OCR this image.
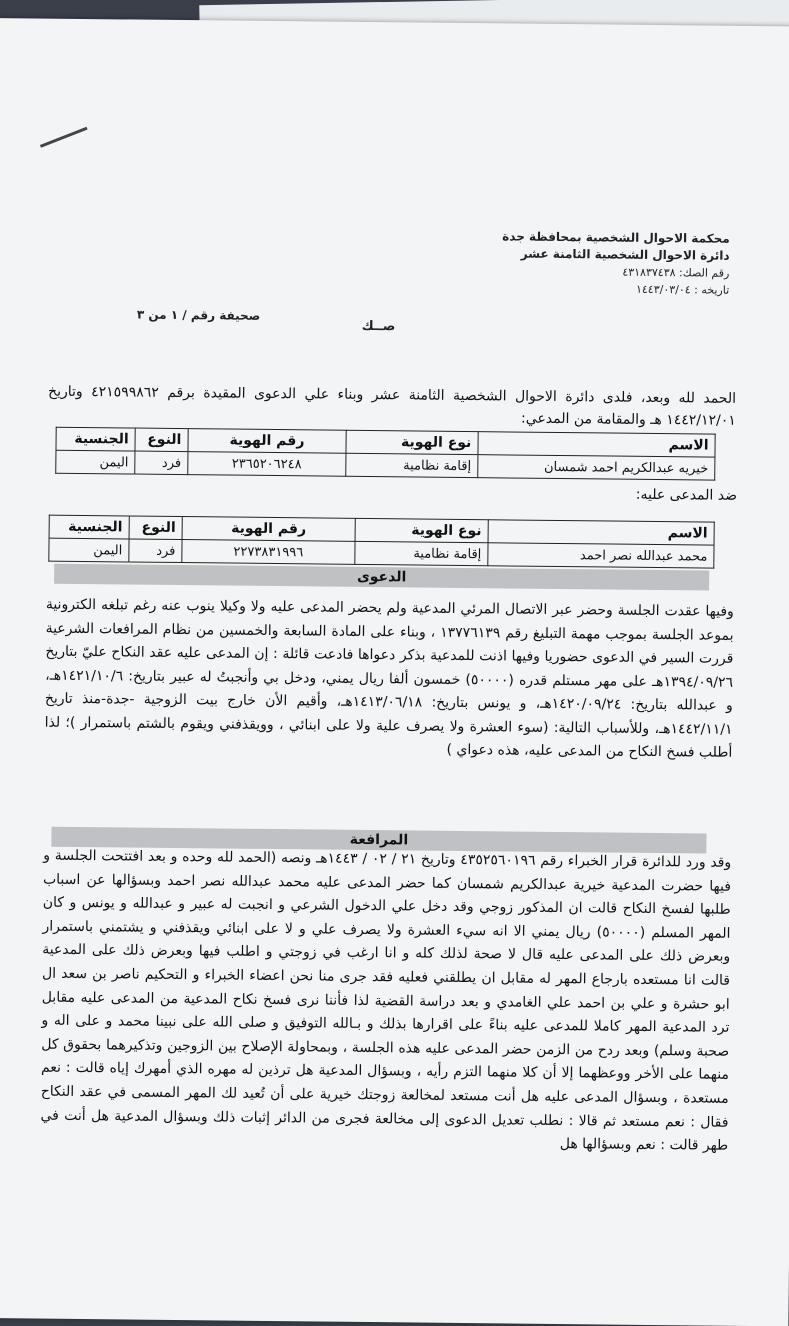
محكمة الاحوال الشخصية بمحافظة جدة
دائرة الاحوال الشخصية الثامنة عشر
رقم الصك: ٤٣١٨٣٧٤٣٨
تاريخه : ١٤٤٣/٠٣/٠٤
صحيفة رقم / ١ من ٣
صــك
الحمد لله وبعد، فلدى دائرة الاحوال الشخصية الثامنة عشر وبناء علي الدعوى المقيدة برقم ٤٢١٥٩٩٨٦٢ وتاريخ ١٤٤٢/١٢/٠١ هـ والمقامة من المدعي:
الاسم	نوع الهوية	رقم الهوية	النوع	الجنسية
خيريه عبدالكريم احمد شمسان	إقامة نظامية	٢٣٦٥٢٠٦٢٤٨	فرد	اليمن
ضد المدعى عليه:
الاسم	نوع الهوية	رقم الهوية	النوع	الجنسية
محمد عبدالله نصر احمد	إقامة نظامية	٢٢٧٣٨٣١٩٩٦	فرد	اليمن
الدعوى
وفيها عقدت الجلسة وحضر عبر الاتصال المرئي المدعية ولم يحضر المدعى عليه ولا وكيلا ينوب عنه رغم تبلغه الكترونية بموعد الجلسة بموجب مهمة التبليغ رقم ١٣٧٧٦١٣٩ ، وبناء على المادة السابعة والخمسين من نظام المرافعات الشرعية قررت السير في الدعوى حضوريا وفيها اذنت للمدعية بذكر دعواها فادعت قائلة : إن المدعى عليه عقد النكاح عليّ بتاريخ ١٣٩٤/٠٩/٢٦هـ على مهر مستلم قدره (٥٠٠٠٠) خمسون ألفا ريال يمني، ودخل بي وأنجبتُ له عبير بتاريخ: ١٤٢١/١٠/٦هـ، و عبدالله بتاريخ: ١٤٢٠/٠٩/٢٤هـ، و يونس بتاريخ: ١٤١٣/٠٦/١٨هـ، وأقيم الأن خارج بيت الزوجية -جدة-منذ تاريخ ١٤٤٢/١١/١هـ، وللأسباب التالية: (سوء العشرة ولا يصرف علية ولا على ابنائي ، وويقذفني ويقوم بالشتم باستمرار )؛ لذا أطلب فسخ النكاح من المدعى عليه، هذه دعواي )
المرافعة
وقد ورد للدائرة قرار الخبراء رقم ٤٣٥٢٥٦٠١٩٦ وتاريخ ٢١ / ٠٢ / ١٤٤٣هـ ونصه (الحمد لله وحده و بعد افتتحت الجلسة و فيها حضرت المدعية خيرية عبدالكريم شمسان كما حضر المدعى عليه محمد عبدالله نصر احمد وبسؤالها عن اسباب طلبها لفسخ النكاح قالت ان المذكور زوجي وقد دخل علي الدخول الشرعي و انجبت له عبير و عبدالله و يونس و كان المهر المسلم (٥٠٠٠٠) ريال يمني الا انه سيء العشرة ولا يصرف علي و لا على ابنائي ويقذفني و يشتمني باستمرار وبعرض ذلك على المدعى عليه قال لا صحة لذلك كله و انا ارغب في زوجتي و اطلب فيها وبعرض ذلك على المدعية قالت انا مستعده بارجاع المهر له مقابل ان يطلقني فعليه فقد جرى منا نحن اعضاء الخبراء و التحكيم ناصر بن سعد ال ابو حشرة و علي بن احمد علي الغامدي و بعد دراسة القضية لذا فأننا نرى فسخ نكاح المدعية من المدعى عليه مقابل ترد المدعية المهر كاملا للمدعى عليه بناءً على اقرارها بذلك و بـالله التوفيق و صلى الله على نبينا محمد و على اله و صحبة وسلم) وبعد ردح من الزمن حضر المدعى عليه هذه الجلسة ، وبمحاولة الإصلاح بين الزوجين وتذكيرهما بحقوق كل منهما على الأخر ووعظهما إلا أن كلا منهما التزم رأيه ، وبسؤال المدعية هل ترذين له مهره الذي أمهرك إياه قالت : نعم مستعدة ، وبسؤال المدعى عليه هل أنت مستعد لمخالعة زوجتك خيرية على أن تُعيد لك المهر المسمى في عقد النكاح فقال : نعم مستعد ثم قالا : نطلب تعديل الدعوى إلى مخالعة فجرى من الدائر إثبات ذلك وبسؤال المدعية هل أنت في طهر قالت : نعم وبسؤالها هل
